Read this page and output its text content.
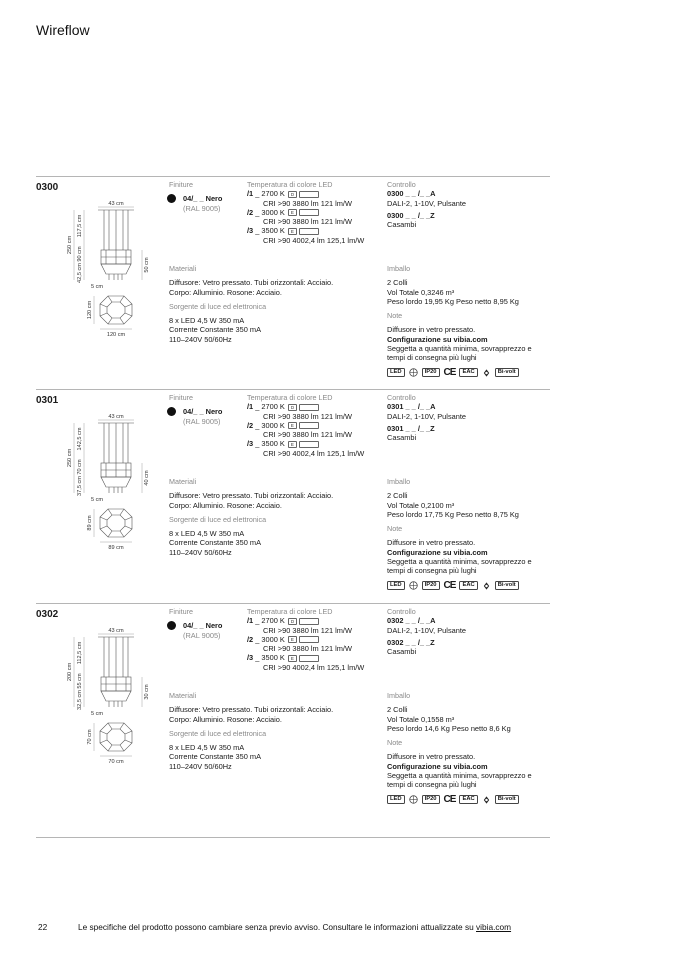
Wireflow
0300
43 cm
250 cm
117,5 cm
90 cm
42,5 cm	50 cm
5 cm
120 cm
120 cm
Finiture
04/_ _ Nero
(RAL 9005)
Temperatura di colore LED
/1 _ 2700 K D
CRI >90 3880 lm 121 lm/W
/2 _ 3000 K E
CRI >90 3880 lm 121 lm/W
/3 _ 3500 K E
CRI >90 4002,4 lm 125,1 lm/W
Controllo
0300 _ _ /_ _A
DALI-2, 1-10V, Pulsante
0300 _ _ /_ _Z
Casambi
Materiali
Diffusore: Vetro pressato. Tubi orizzontali: Acciaio.
Corpo: Alluminio. Rosone: Acciaio.
Sorgente di luce ed elettronica
8 x LED 4,5 W 350 mA
Corrente Constante 350 mA
110–240V 50/60Hz
Imballo
2 Colli
Vol Totale 0,3246 m³
Peso lordo 19,95 Kg Peso netto 8,95 Kg
Note
Diffusore in vetro pressato.
Configurazione su vibia.com
Seggetta a quantità minima, sovrapprezzo e
tempi di consegna più lughi
LED	IP20 CE	EAC	Bi-volt
0301
43 cm
250 cm
142,5 cm
70 cm
37,5 cm	40 cm
5 cm
89 cm
89 cm
Finiture
04/_ _ Nero
(RAL 9005)
Temperatura di colore LED
/1 _ 2700 K D
CRI >90 3880 lm 121 lm/W
/2 _ 3000 K E
CRI >90 3880 lm 121 lm/W
/3 _ 3500 K E
CRI >90 4002,4 lm 125,1 lm/W
Controllo
0301 _ _ /_ _A
DALI-2, 1-10V, Pulsante
0301 _ _ /_ _Z
Casambi
Materiali
Diffusore: Vetro pressato. Tubi orizzontali: Acciaio.
Corpo: Alluminio. Rosone: Acciaio.
Sorgente di luce ed elettronica
8 x LED 4,5 W 350 mA
Corrente Constante 350 mA
110–240V 50/60Hz
Imballo
2 Colli
Vol Totale 0,2100 m³
Peso lordo 17,75 Kg Peso netto 8,75 Kg
Note
Diffusore in vetro pressato.
Configurazione su vibia.com
Seggetta a quantità minima, sovrapprezzo e
tempi di consegna più lughi
LED	IP20 CE	EAC	Bi-volt
0302
43 cm
200 cm
112,5 cm
55 cm
32,5 cm	30 cm
5 cm
70 cm
70 cm
Finiture
04/_ _ Nero
(RAL 9005)
Temperatura di colore LED
/1 _ 2700 K D
CRI >90 3880 lm 121 lm/W
/2 _ 3000 K E
CRI >90 3880 lm 121 lm/W
/3 _ 3500 K E
CRI >90 4002,4 lm 125,1 lm/W
Controllo
0302 _ _ /_ _A
DALI-2, 1-10V, Pulsante
0302 _ _ /_ _Z
Casambi
Materiali
Diffusore: Vetro pressato. Tubi orizzontali: Acciaio.
Corpo: Alluminio. Rosone: Acciaio.
Sorgente di luce ed elettronica
8 x LED 4,5 W 350 mA
Corrente Constante 350 mA
110–240V 50/60Hz
Imballo
2 Colli
Vol Totale 0,1558 m³
Peso lordo 14,6 Kg Peso netto 8,6 Kg
Note
Diffusore in vetro pressato.
Configurazione su vibia.com
Seggetta a quantità minima, sovrapprezzo e
tempi di consegna più lughi
LED	IP20 CE	EAC	Bi-volt
22	Le specifiche del prodotto possono cambiare senza previo avviso. Consultare le informazioni attualizzate su vibia.com
